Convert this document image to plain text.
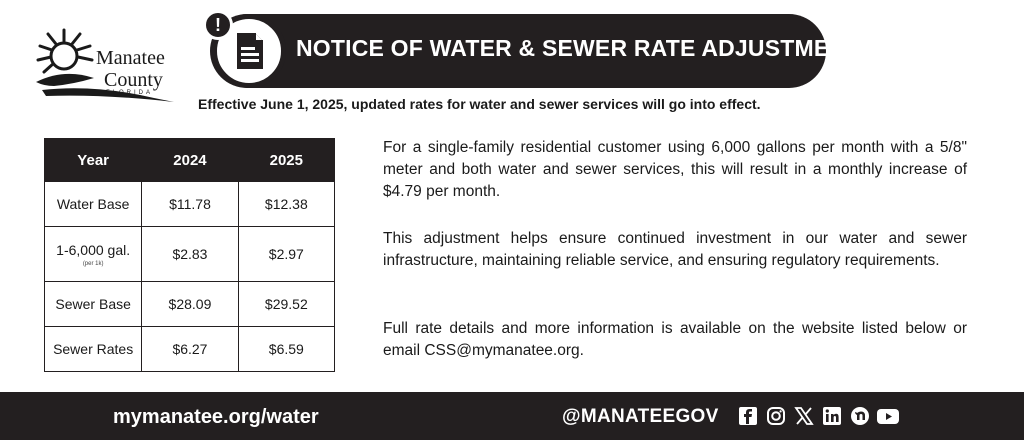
Manatee
County
FLORIDA
!
NOTICE OF WATER & SEWER RATE ADJUSTMENT
Effective June 1, 2025, updated rates for water and sewer services will go into effect.
Year	2024	2025
Water Base	$11.78	$12.38
1-6,000 gal.
(per 1k)	$2.83	$2.97
Sewer Base	$28.09	$29.52
Sewer Rates	$6.27	$6.59
For a single-family residential customer using 6,000 gallons per month with a 5/8" meter and both water and sewer services, this will result in a monthly increase of $4.79 per month.
This adjustment helps ensure continued investment in our water and sewer infrastructure, maintaining reliable service, and ensuring regulatory requirements.
Full rate details and more information is available on the website listed below or email CSS@mymanatee.org.
mymanatee.org/water	@MANATEEGOV
